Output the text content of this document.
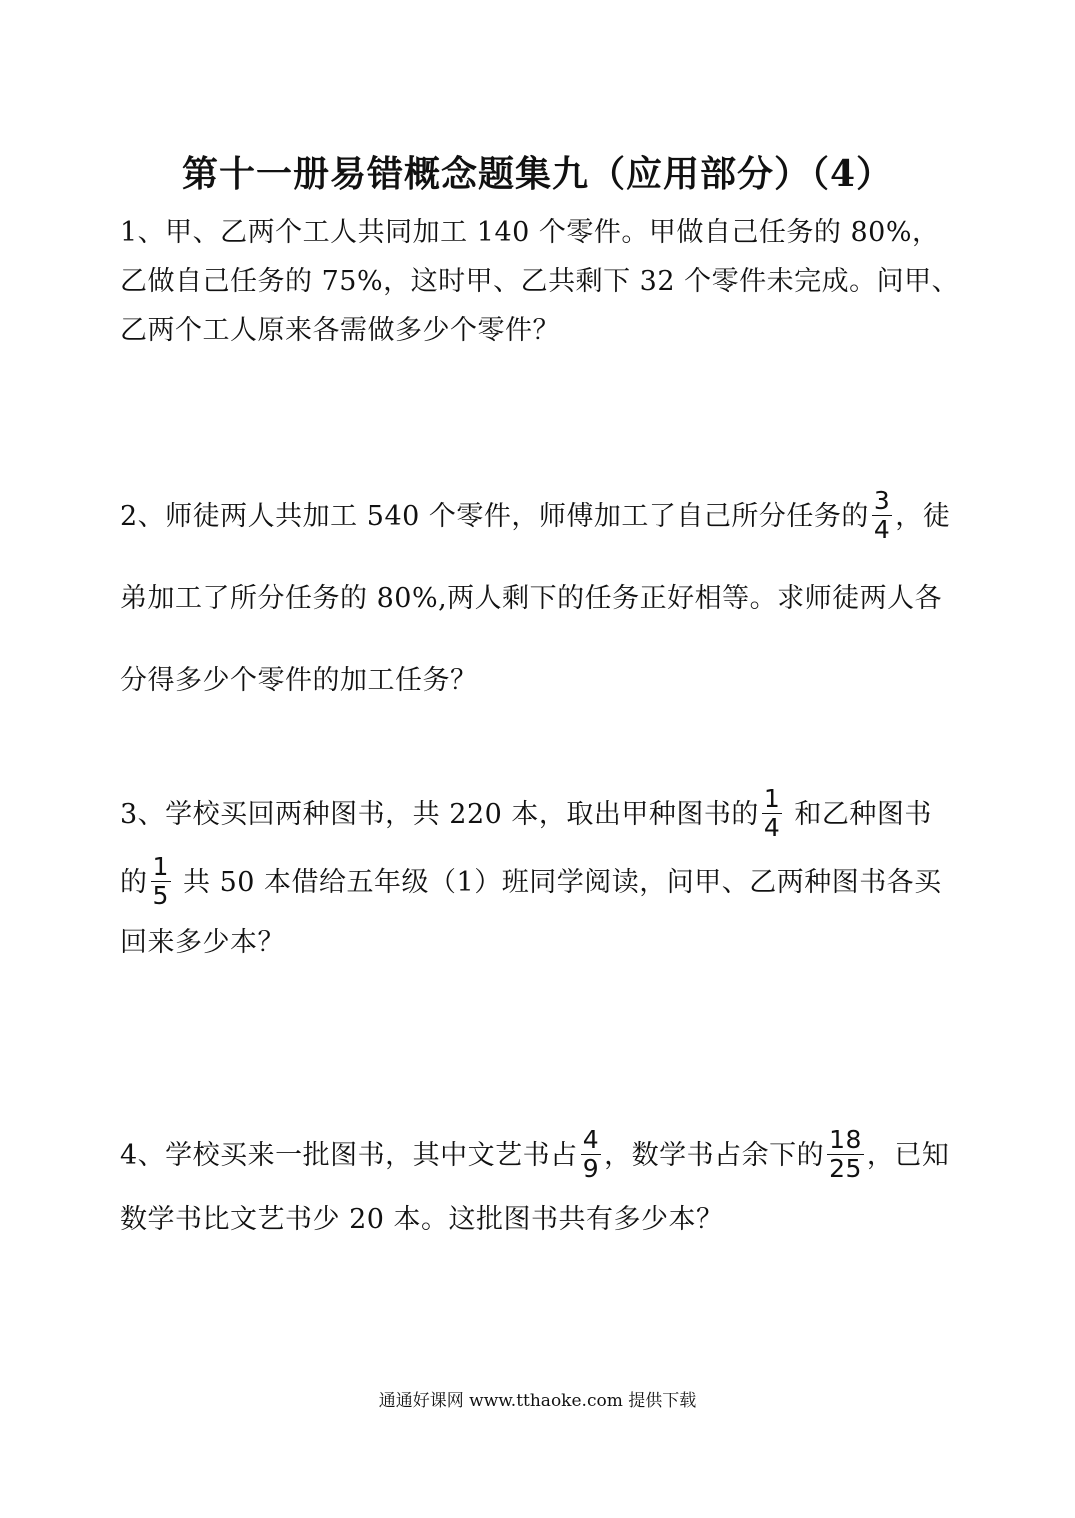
第十一册易错概念题集九（应用部分）（4）

1、甲、乙两个工人共同加工 140 个零件。甲做自己任务的 80%，乙做自己任务的 75%，这时甲、乙共剩下 32 个零件未完成。问甲、乙两个工人原来各需做多少个零件？

2、师徒两人共加工 540 个零件，师傅加工了自己所分任务的 $\frac{3}{4}$ ，徒弟加工了所分任务的 80%,两人剩下的任务正好相等。求师徒两人各分得多少个零件的加工任务？

3、学校买回两种图书，共 220 本，取出甲种图书的 $\frac{1}{4}$ 和乙种图书

的 $\frac{1}{5}$ 共 50 本借给五年级（1）班同学阅读，问甲、乙两种图书各买回来多少本？

4、学校买来一批图书，其中文艺书占 $\frac{4}{9}$ ，数学书占余下的 $\frac{18}{25}$ ，已知数学书比文艺书少 20 本。这批图书共有多少本？

通通好课网 www.tthaoke.com 提供下载
